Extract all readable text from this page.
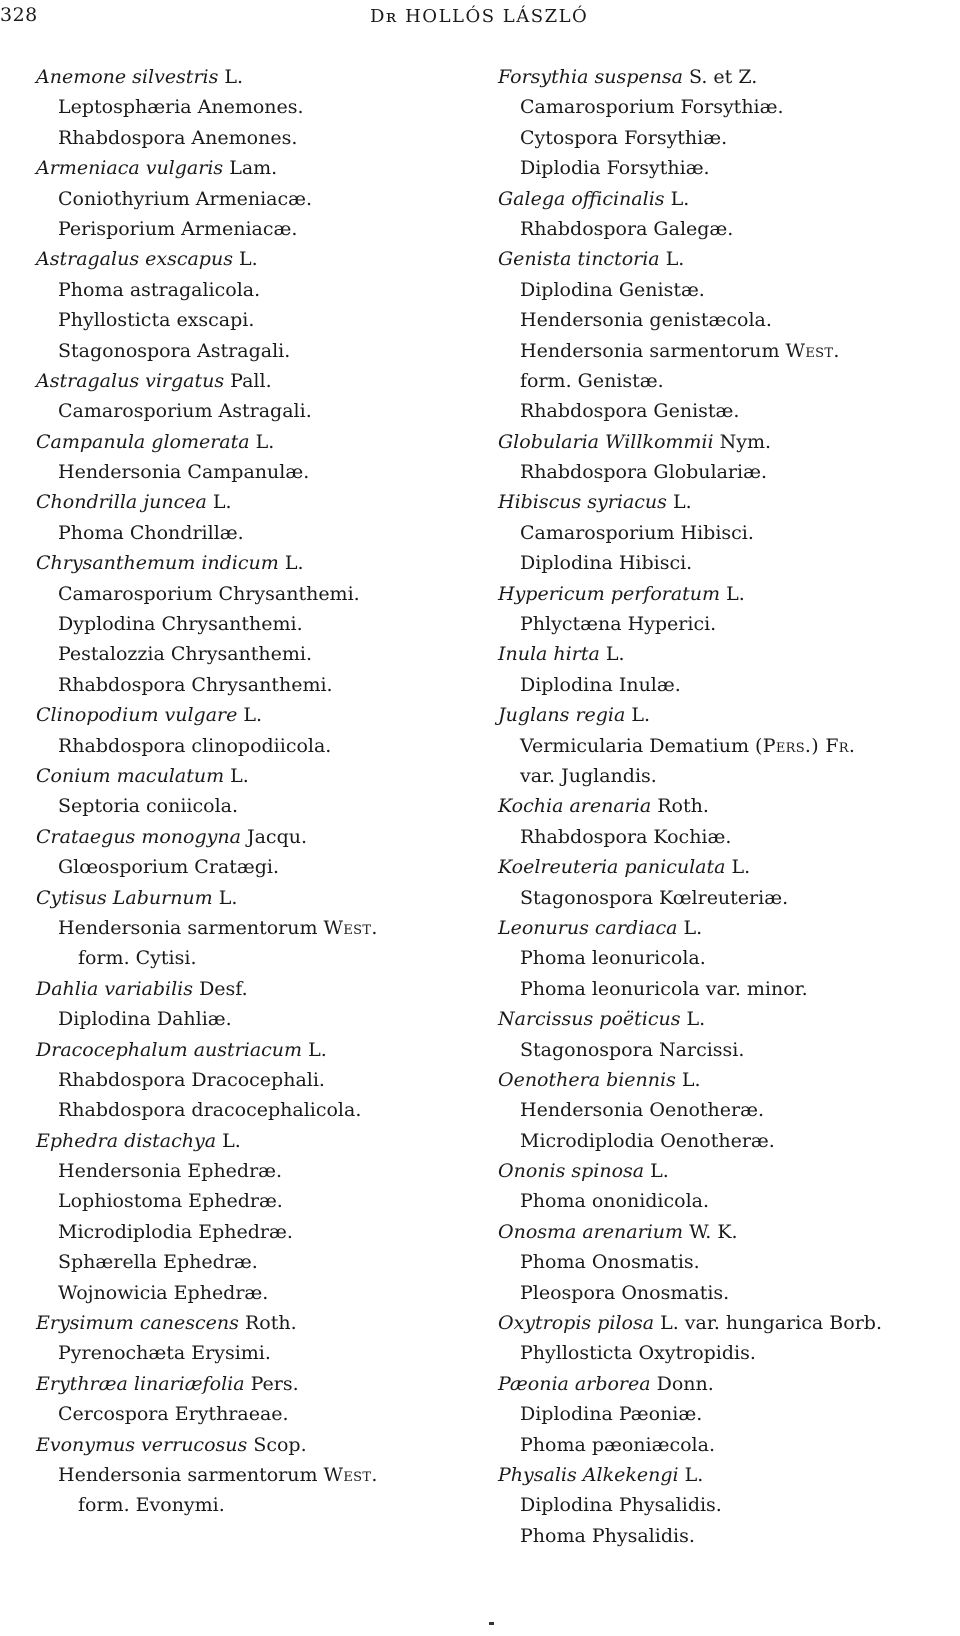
328	Dʀ HOLLÓS LÁSZLÓ
Anemone silvestris L.
Leptosphæria Anemones.
Rhabdospora Anemones.
Armeniaca vulgaris Lam.
Coniothyrium Armeniacæ.
Perisporium Armeniacæ.
Astragalus exscapus L.
Phoma astragalicola.
Phyllosticta exscapi.
Stagonospora Astragali.
Astragalus virgatus Pall.
Camarosporium Astragali.
Campanula glomerata L.
Hendersonia Campanulæ.
Chondrilla juncea L.
Phoma Chondrillæ.
Chrysanthemum indicum L.
Camarosporium Chrysanthemi.
Dyplodina Chrysanthemi.
Pestalozzia Chrysanthemi.
Rhabdospora Chrysanthemi.
Clinopodium vulgare L.
Rhabdospora clinopodiicola.
Conium maculatum L.
Septoria coniicola.
Crataegus monogyna Jacqu.
Glœosporium Cratægi.
Cytisus Laburnum L.
Hendersonia sarmentorum West.
form. Cytisi.
Dahlia variabilis Desf.
Diplodina Dahliæ.
Dracocephalum austriacum L.
Rhabdospora Dracocephali.
Rhabdospora dracocephalicola.
Ephedra distachya L.
Hendersonia Ephedræ.
Lophiostoma Ephedræ.
Microdiplodia Ephedræ.
Sphærella Ephedræ.
Wojnowicia Ephedræ.
Erysimum canescens Roth.
Pyrenochæta Erysimi.
Erythræa linariæfolia Pers.
Cercospora Erythraeae.
Evonymus verrucosus Scop.
Hendersonia sarmentorum West.
form. Evonymi.
Forsythia suspensa S. et Z.
Camarosporium Forsythiæ.
Cytospora Forsythiæ.
Diplodia Forsythiæ.
Galega officinalis L.
Rhabdospora Galegæ.
Genista tinctoria L.
Diplodina Genistæ.
Hendersonia genistæcola.
Hendersonia sarmentorum West.
form. Genistæ.
Rhabdospora Genistæ.
Globularia Willkommii Nym.
Rhabdospora Globulariæ.
Hibiscus syriacus L.
Camarosporium Hibisci.
Diplodina Hibisci.
Hypericum perforatum L.
Phlyctæna Hyperici.
Inula hirta L.
Diplodina Inulæ.
Juglans regia L.
Vermicularia Dematium (Pers.) Fr.
var. Juglandis.
Kochia arenaria Roth.
Rhabdospora Kochiæ.
Koelreuteria paniculata L.
Stagonospora Kœlreuteriæ.
Leonurus cardiaca L.
Phoma leonuricola.
Phoma leonuricola var. minor.
Narcissus poëticus L.
Stagonospora Narcissi.
Oenothera biennis L.
Hendersonia Oenotheræ.
Microdiplodia Oenotheræ.
Ononis spinosa L.
Phoma ononidicola.
Onosma arenarium W. K.
Phoma Onosmatis.
Pleospora Onosmatis.
Oxytropis pilosa L. var. hungarica Borb.
Phyllosticta Oxytropidis.
Pæonia arborea Donn.
Diplodina Pæoniæ.
Phoma pæoniæcola.
Physalis Alkekengi L.
Diplodina Physalidis.
Phoma Physalidis.
